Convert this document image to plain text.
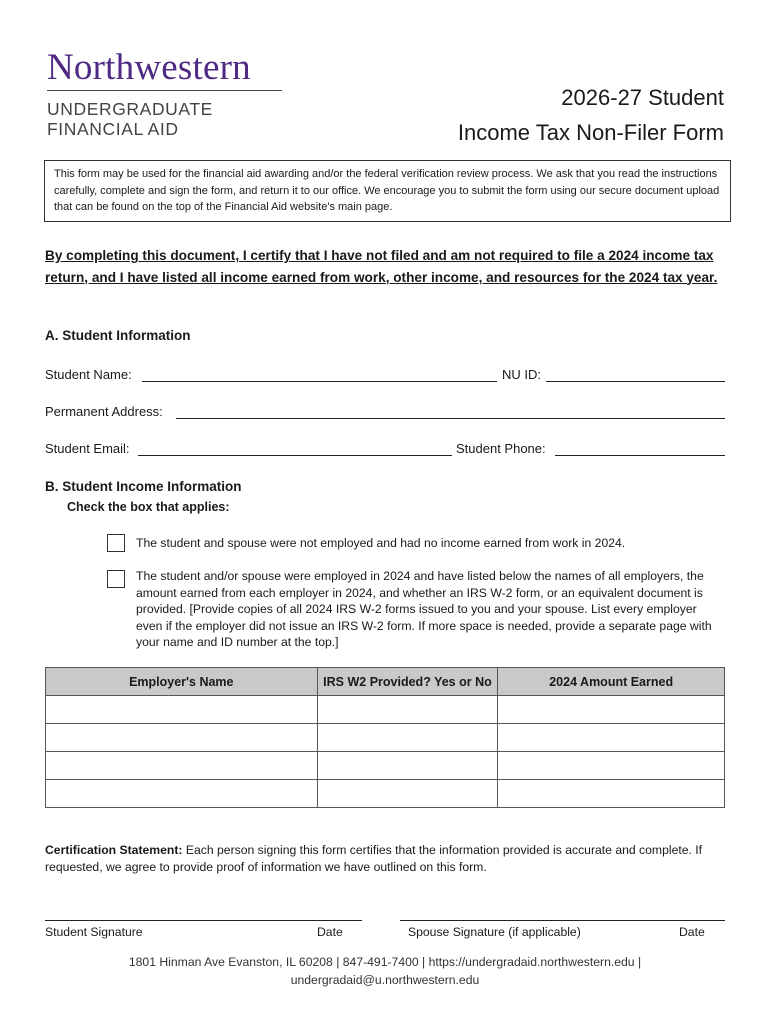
Northwestern
UNDERGRADUATE
FINANCIAL AID
2026-27 Student
Income Tax Non-Filer Form
This form may be used for the financial aid awarding and/or the federal verification review process. We ask that you read the instructions carefully, complete and sign the form, and return it to our office. We encourage you to submit the form using our secure document upload that can be found on the top of the Financial Aid website's main page.
By completing this document, I certify that I have not filed and am not required to file a 2024 income tax return, and I have listed all income earned from work, other income, and resources for the 2024 tax year.
A. Student Information
Student Name:	NU ID:
Permanent Address:
Student Email:	Student Phone:
B. Student Income Information
Check the box that applies:
The student and spouse were not employed and had no income earned from work in 2024.
The student and/or spouse were employed in 2024 and have listed below the names of all employers, the amount earned from each employer in 2024, and whether an IRS W-2 form, or an equivalent document is provided. [Provide copies of all 2024 IRS W-2 forms issued to you and your spouse. List every employer even if the employer did not issue an IRS W-2 form. If more space is needed, provide a separate page with your name and ID number at the top.]
Employer's Name	IRS W2 Provided? Yes or No	2024 Amount Earned

Certification Statement: Each person signing this form certifies that the information provided is accurate and complete. If requested, we agree to provide proof of information we have outlined on this form.
Student Signature	Date	Spouse Signature (if applicable)	Date
1801 Hinman Ave Evanston, IL 60208 | 847-491-7400 | https://undergradaid.northwestern.edu |
undergradaid@u.northwestern.edu
